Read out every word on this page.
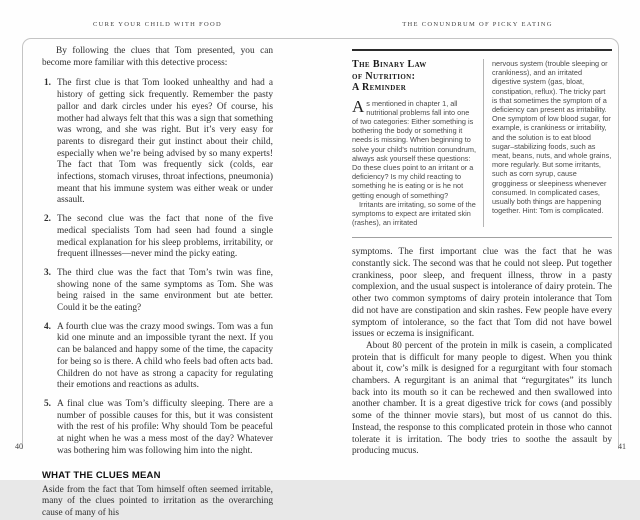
CURE YOUR CHILD WITH FOOD	THE CONUNDRUM OF PICKY EATING

By following the clues that Tom presented, you can become more familiar with this detective process:

1. The first clue is that Tom looked unhealthy and had a history of getting sick frequently. Remember the pasty pallor and dark circles under his eyes? Of course, his mother had always felt that this was a sign that something was wrong, and she was right. But it’s very easy for parents to disregard their gut instinct about their child, especially when we’re being advised by so many experts! The fact that Tom was frequently sick (colds, ear infections, stomach viruses, throat infections, pneumonia) meant that his immune system was either weak or under assault.
2. The second clue was the fact that none of the five medical specialists Tom had seen had found a single medical explanation for his sleep problems, irritability, or frequent illnesses—never mind the picky eating.
3. The third clue was the fact that Tom’s twin was fine, showing none of the same symptoms as Tom. She was being raised in the same environment but ate better. Could it be the eating?
4. A fourth clue was the crazy mood swings. Tom was a fun kid one minute and an impossible tyrant the next. If you can be balanced and happy some of the time, the capacity for being so is there. A child who feels bad often acts bad. Children do not have as strong a capacity for regulating their emotions and reactions as adults.
5. A final clue was Tom’s difficulty sleeping. There are a number of possible causes for this, but it was consistent with the rest of his profile: Why should Tom be peaceful at night when he was a mess most of the day? Whatever was bothering him was following him into the night.
WHAT THE CLUES MEAN

Aside from the fact that Tom himself often seemed irritable, many of the clues pointed to irritation as the overarching cause of many of his

40
The Binary Law
of Nutrition:
A Reminder

As mentioned in chapter 1, all nutritional problems fall into one of two categories: Either something is bothering the body or something it needs is missing. When beginning to solve your child’s nutrition conundrum, always ask yourself these questions: Do these clues point to an irritant or a deficiency? Is my child reacting to something he is eating or is he not getting enough of something?

Irritants are irritating, so some of the symptoms to expect are irritated skin (rashes), an irritated

nervous system (trouble sleeping or crankiness), and an irritated digestive system (gas, bloat, constipation, reflux). The tricky part is that sometimes the symptom of a deficiency can present as irritability. One symptom of low blood sugar, for example, is crankiness or irritability, and the solution is to eat blood sugar–stabilizing foods, such as meat, beans, nuts, and whole grains, more regularly. But some irritants, such as corn syrup, cause grogginess or sleepiness whenever consumed. In complicated cases, usually both things are happening together. Hint: Tom is complicated.

symptoms. The first important clue was the fact that he was constantly sick. The second was that he could not sleep. Put together crankiness, poor sleep, and frequent illness, throw in a pasty complexion, and the usual suspect is intolerance of dairy protein. The other two common symptoms of dairy protein intolerance that Tom did not have are constipation and skin rashes. Few people have every symptom of intolerance, so the fact that Tom did not have bowel issues or eczema is insignificant.

About 80 percent of the protein in milk is casein, a complicated protein that is difficult for many people to digest. When you think about it, cow’s milk is designed for a regurgitant with four stomach chambers. A regurgitant is an animal that “regurgitates” its lunch back into its mouth so it can be rechewed and then swallowed into another chamber. It is a great digestive trick for cows (and possibly some of the thinner movie stars), but most of us cannot do this. Instead, the response to this complicated protein in those who cannot tolerate it is irritation. The body tries to soothe the assault by producing mucus.	41
